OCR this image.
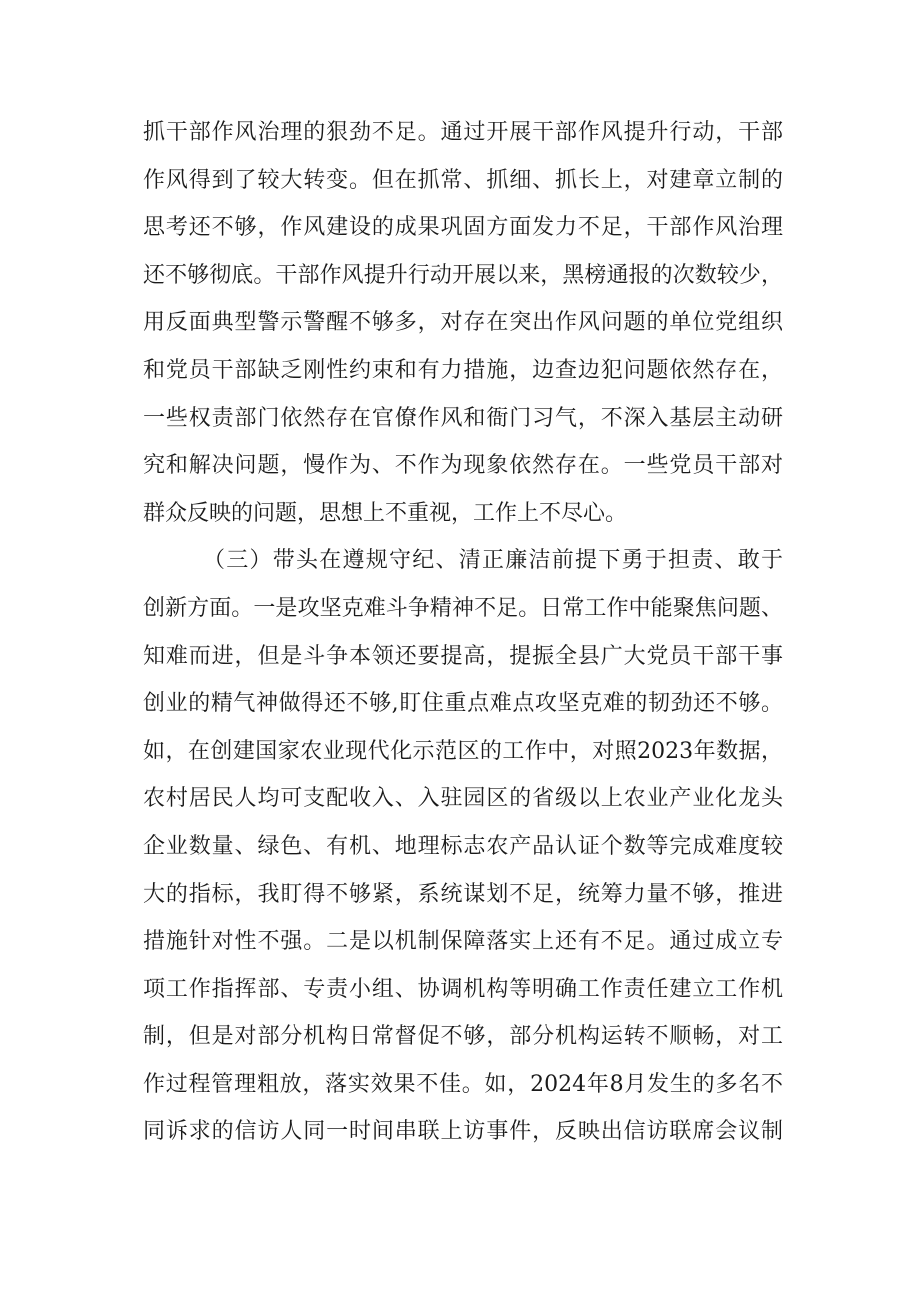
抓干部作风治理的狠劲不足。通过开展干部作风提升行动，干部
作风得到了较大转变。但在抓常、抓细、抓长上，对建章立制的
思考还不够，作风建设的成果巩固方面发力不足，干部作风治理
还不够彻底。干部作风提升行动开展以来，黑榜通报的次数较少，
用反面典型警示警醒不够多，对存在突出作风问题的单位党组织
和党员干部缺乏刚性约束和有力措施，边查边犯问题依然存在，
一些权责部门依然存在官僚作风和衙门习气，不深入基层主动研
究和解决问题，慢作为、不作为现象依然存在。一些党员干部对
群众反映的问题，思想上不重视，工作上不尽心。
（三）带头在遵规守纪、清正廉洁前提下勇于担责、敢于
创新方面。一是攻坚克难斗争精神不足。日常工作中能聚焦问题、
知难而进，但是斗争本领还要提高，提振全县广大党员干部干事
创业的精气神做得还不够,盯住重点难点攻坚克难的韧劲还不够。
如，在创建国家农业现代化示范区的工作中，对照2023年数据，
农村居民人均可支配收入、入驻园区的省级以上农业产业化龙头
企业数量、绿色、有机、地理标志农产品认证个数等完成难度较
大的指标，我盯得不够紧，系统谋划不足，统筹力量不够，推进
措施针对性不强。二是以机制保障落实上还有不足。通过成立专
项工作指挥部、专责小组、协调机构等明确工作责任建立工作机
制，但是对部分机构日常督促不够，部分机构运转不顺畅，对工
作过程管理粗放，落实效果不佳。如，2024年8月发生的多名不
同诉求的信访人同一时间串联上访事件，反映出信访联席会议制
